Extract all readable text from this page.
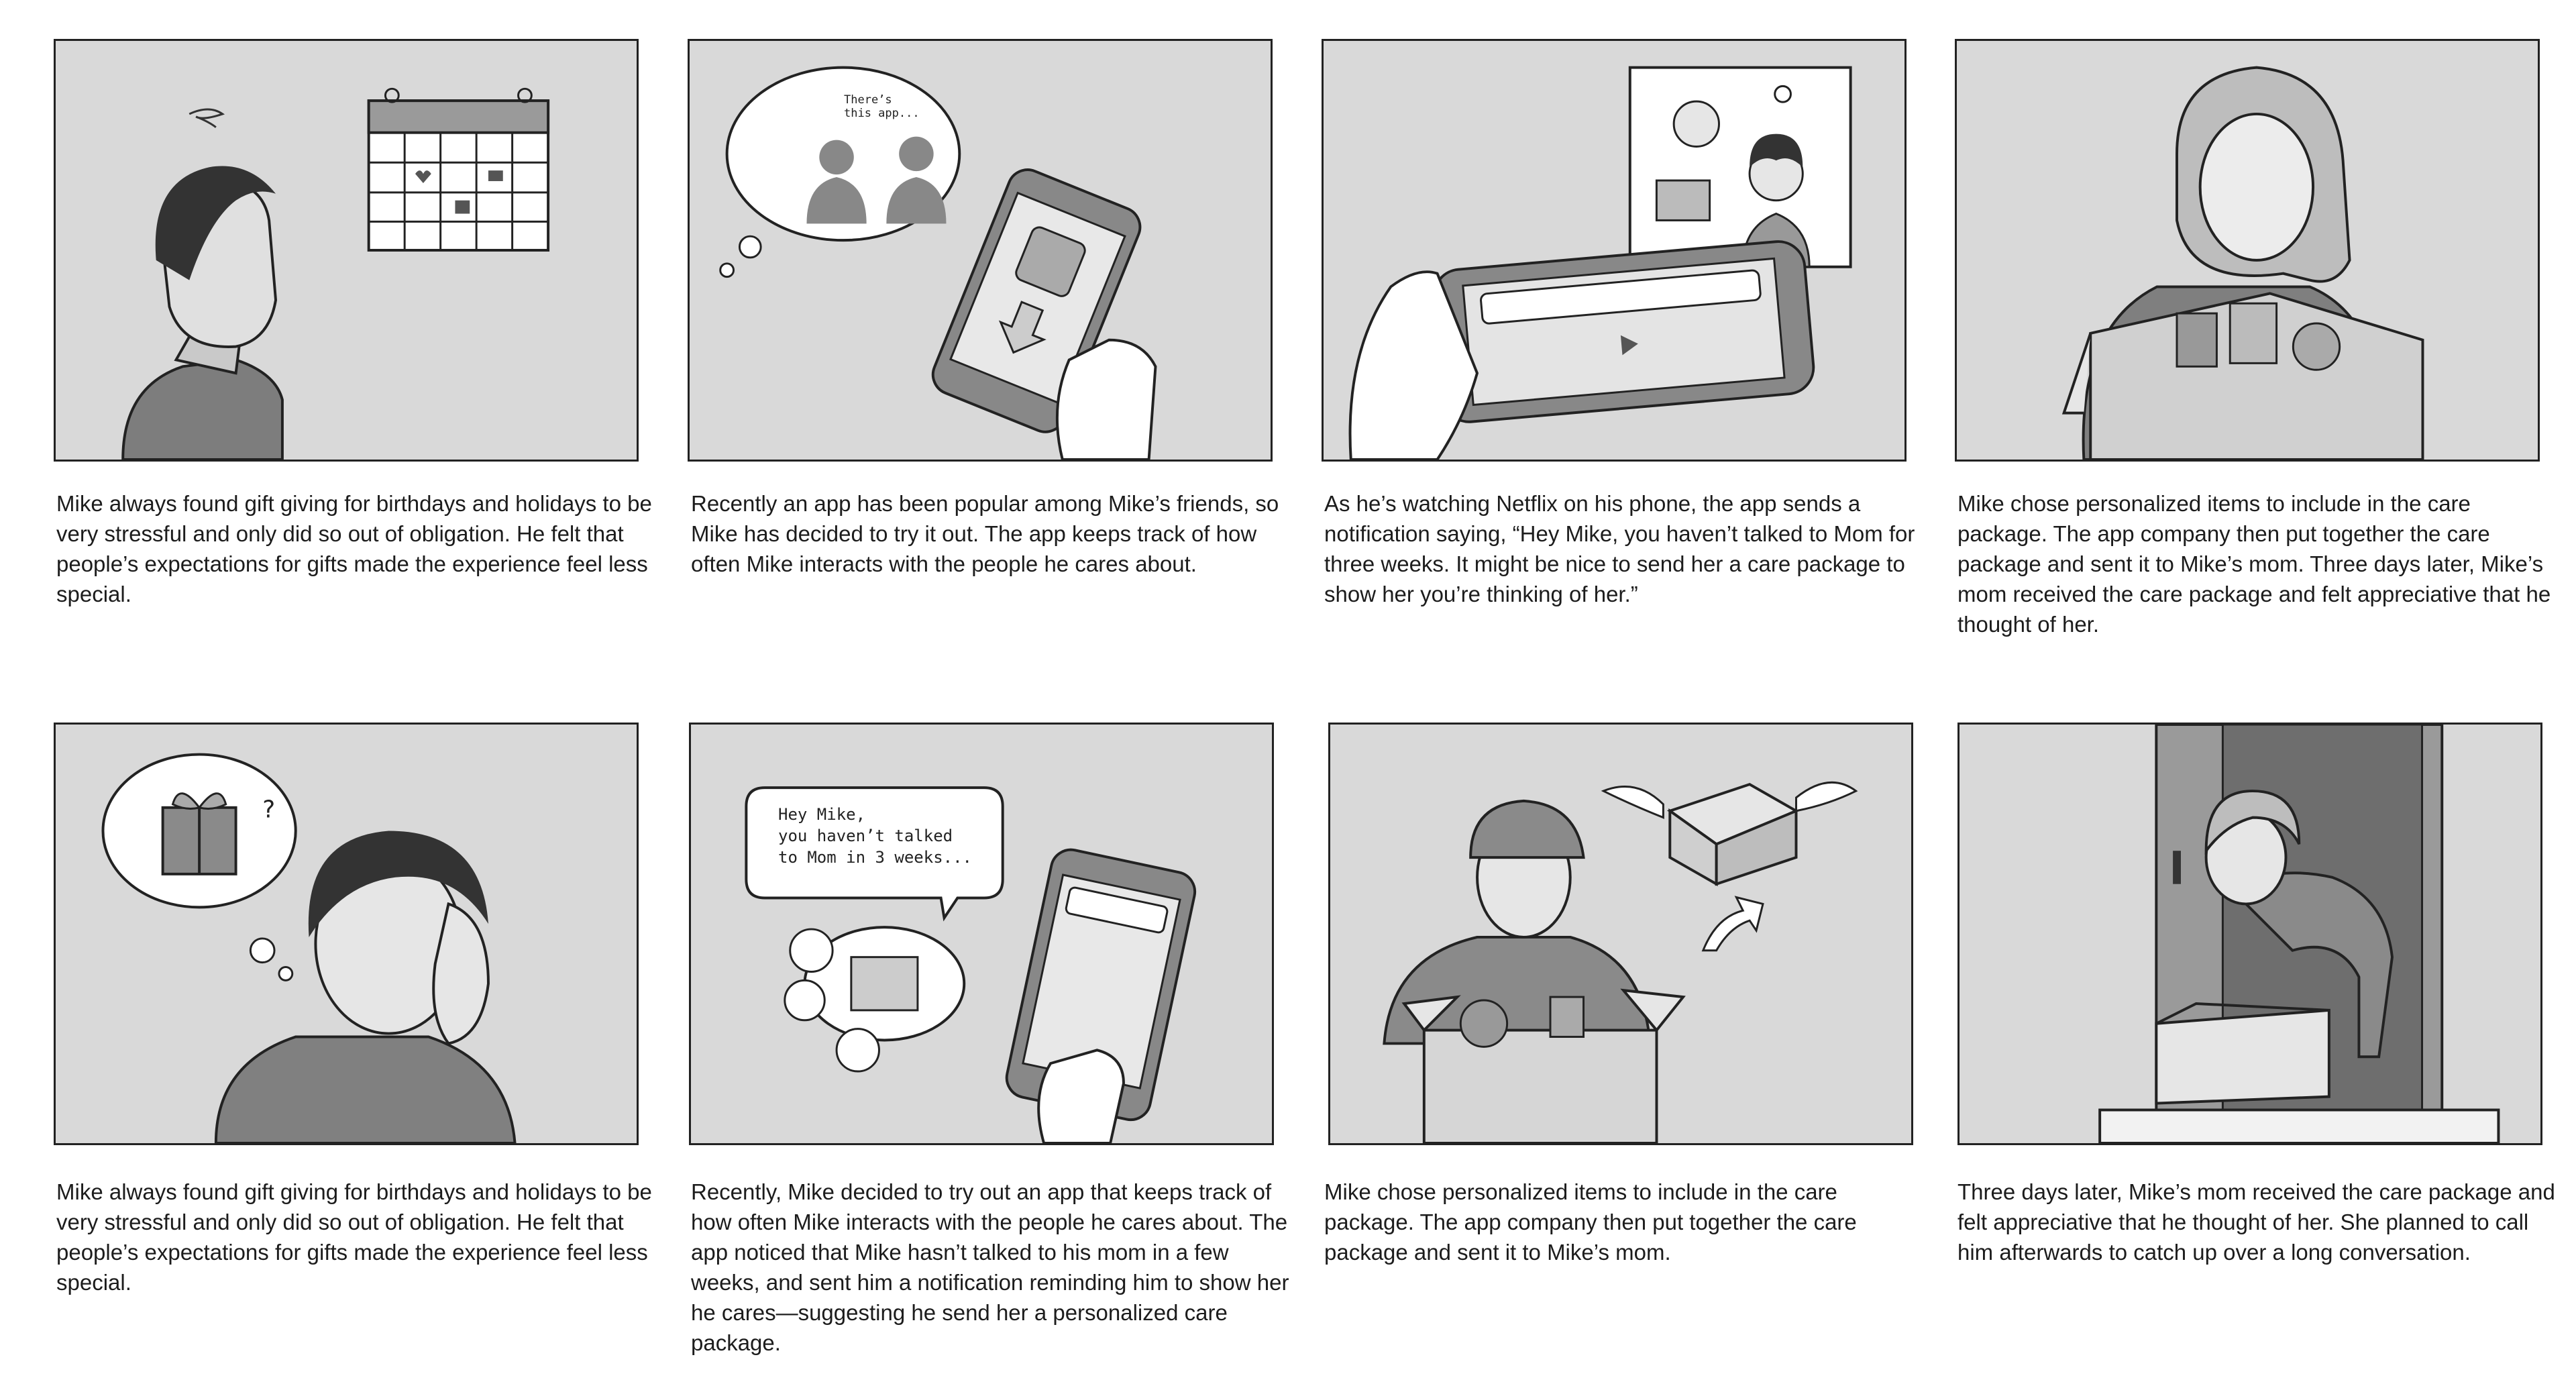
Mike always found gift giving for birthdays and holidays to be very stressful and only did so out of obligation. He felt that people’s expectations for gifts made the experience feel less special.
There’s
this app...
Recently an app has been popular among Mike’s friends, so Mike has decided to try it out. The app keeps track of how often Mike interacts with the people he cares about.
As he’s watching Netflix on his phone, the app sends a notification saying, “Hey Mike, you haven’t talked to Mom for three weeks. It might be nice to send her a care package to show her you’re thinking of her.”
Mike chose personalized items to include in the care package. The app company then put together the care package and sent it to Mike’s mom. Three days later, Mike’s mom received the care package and felt appreciative that he thought of her.
?
Mike always found gift giving for birthdays and holidays to be very stressful and only did so out of obligation. He felt that people’s expectations for gifts made the experience feel less special.
Hey Mike,
you haven’t talked
to Mom in 3 weeks...
Recently, Mike decided to try out an app that keeps track of how often Mike interacts with the people he cares about. The app noticed that Mike hasn’t talked to his mom in a few weeks, and sent him a notification reminding him to show her he cares—suggesting he send her a personalized care package.
Mike chose personalized items to include in the care package. The app company then put together the care package and sent it to Mike’s mom.
Three days later, Mike’s mom received the care package and felt appreciative that he thought of her. She planned to call him afterwards to catch up over a long conversation.
